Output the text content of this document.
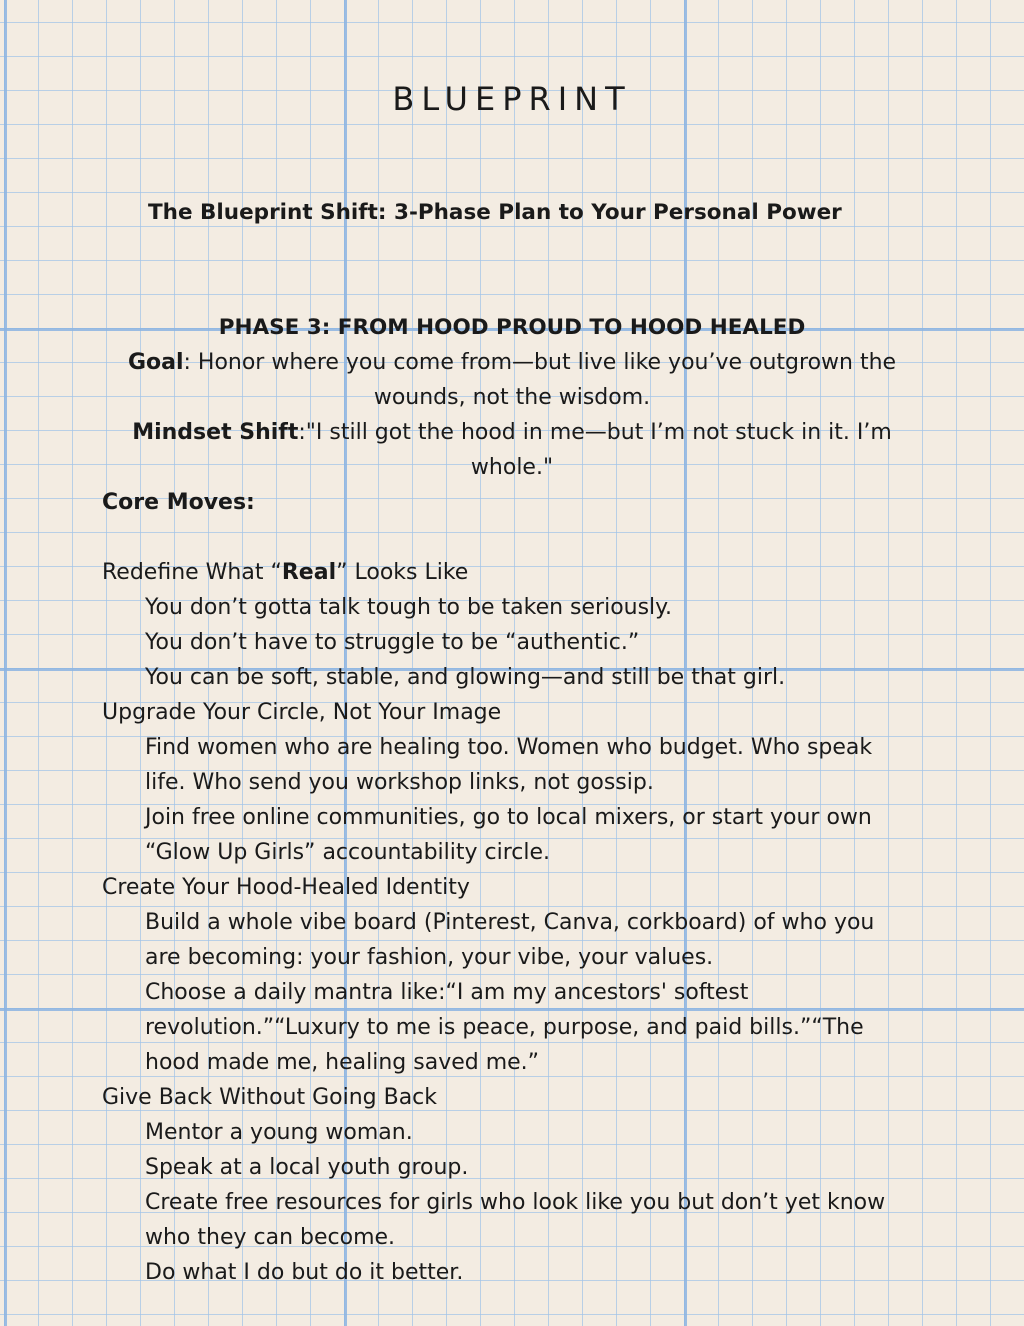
BLUEPRINT
The Blueprint Shift: 3-Phase Plan to Your Personal Power
PHASE 3: FROM HOOD PROUD TO HOOD HEALED
Goal: Honor where you come from—but live like you’ve outgrown the wounds, not the wisdom.
Mindset Shift:"I still got the hood in me—but I’m not stuck in it. I’m whole."
Core Moves:
Redefine What “Real” Looks Like
You don’t gotta talk tough to be taken seriously.
You don’t have to struggle to be “authentic.”
You can be soft, stable, and glowing—and still be that girl.
Upgrade Your Circle, Not Your Image
Find women who are healing too. Women who budget. Who speak life. Who send you workshop links, not gossip.
Join free online communities, go to local mixers, or start your own “Glow Up Girls” accountability circle.
Create Your Hood-Healed Identity
Build a whole vibe board (Pinterest, Canva, corkboard) of who you are becoming: your fashion, your vibe, your values.
Choose a daily mantra like:“I am my ancestors' softest revolution.”“Luxury to me is peace, purpose, and paid bills.”“The hood made me, healing saved me.”
Give Back Without Going Back
Mentor a young woman.
Speak at a local youth group.
Create free resources for girls who look like you but don’t yet know who they can become.
Do what I do but do it better.
